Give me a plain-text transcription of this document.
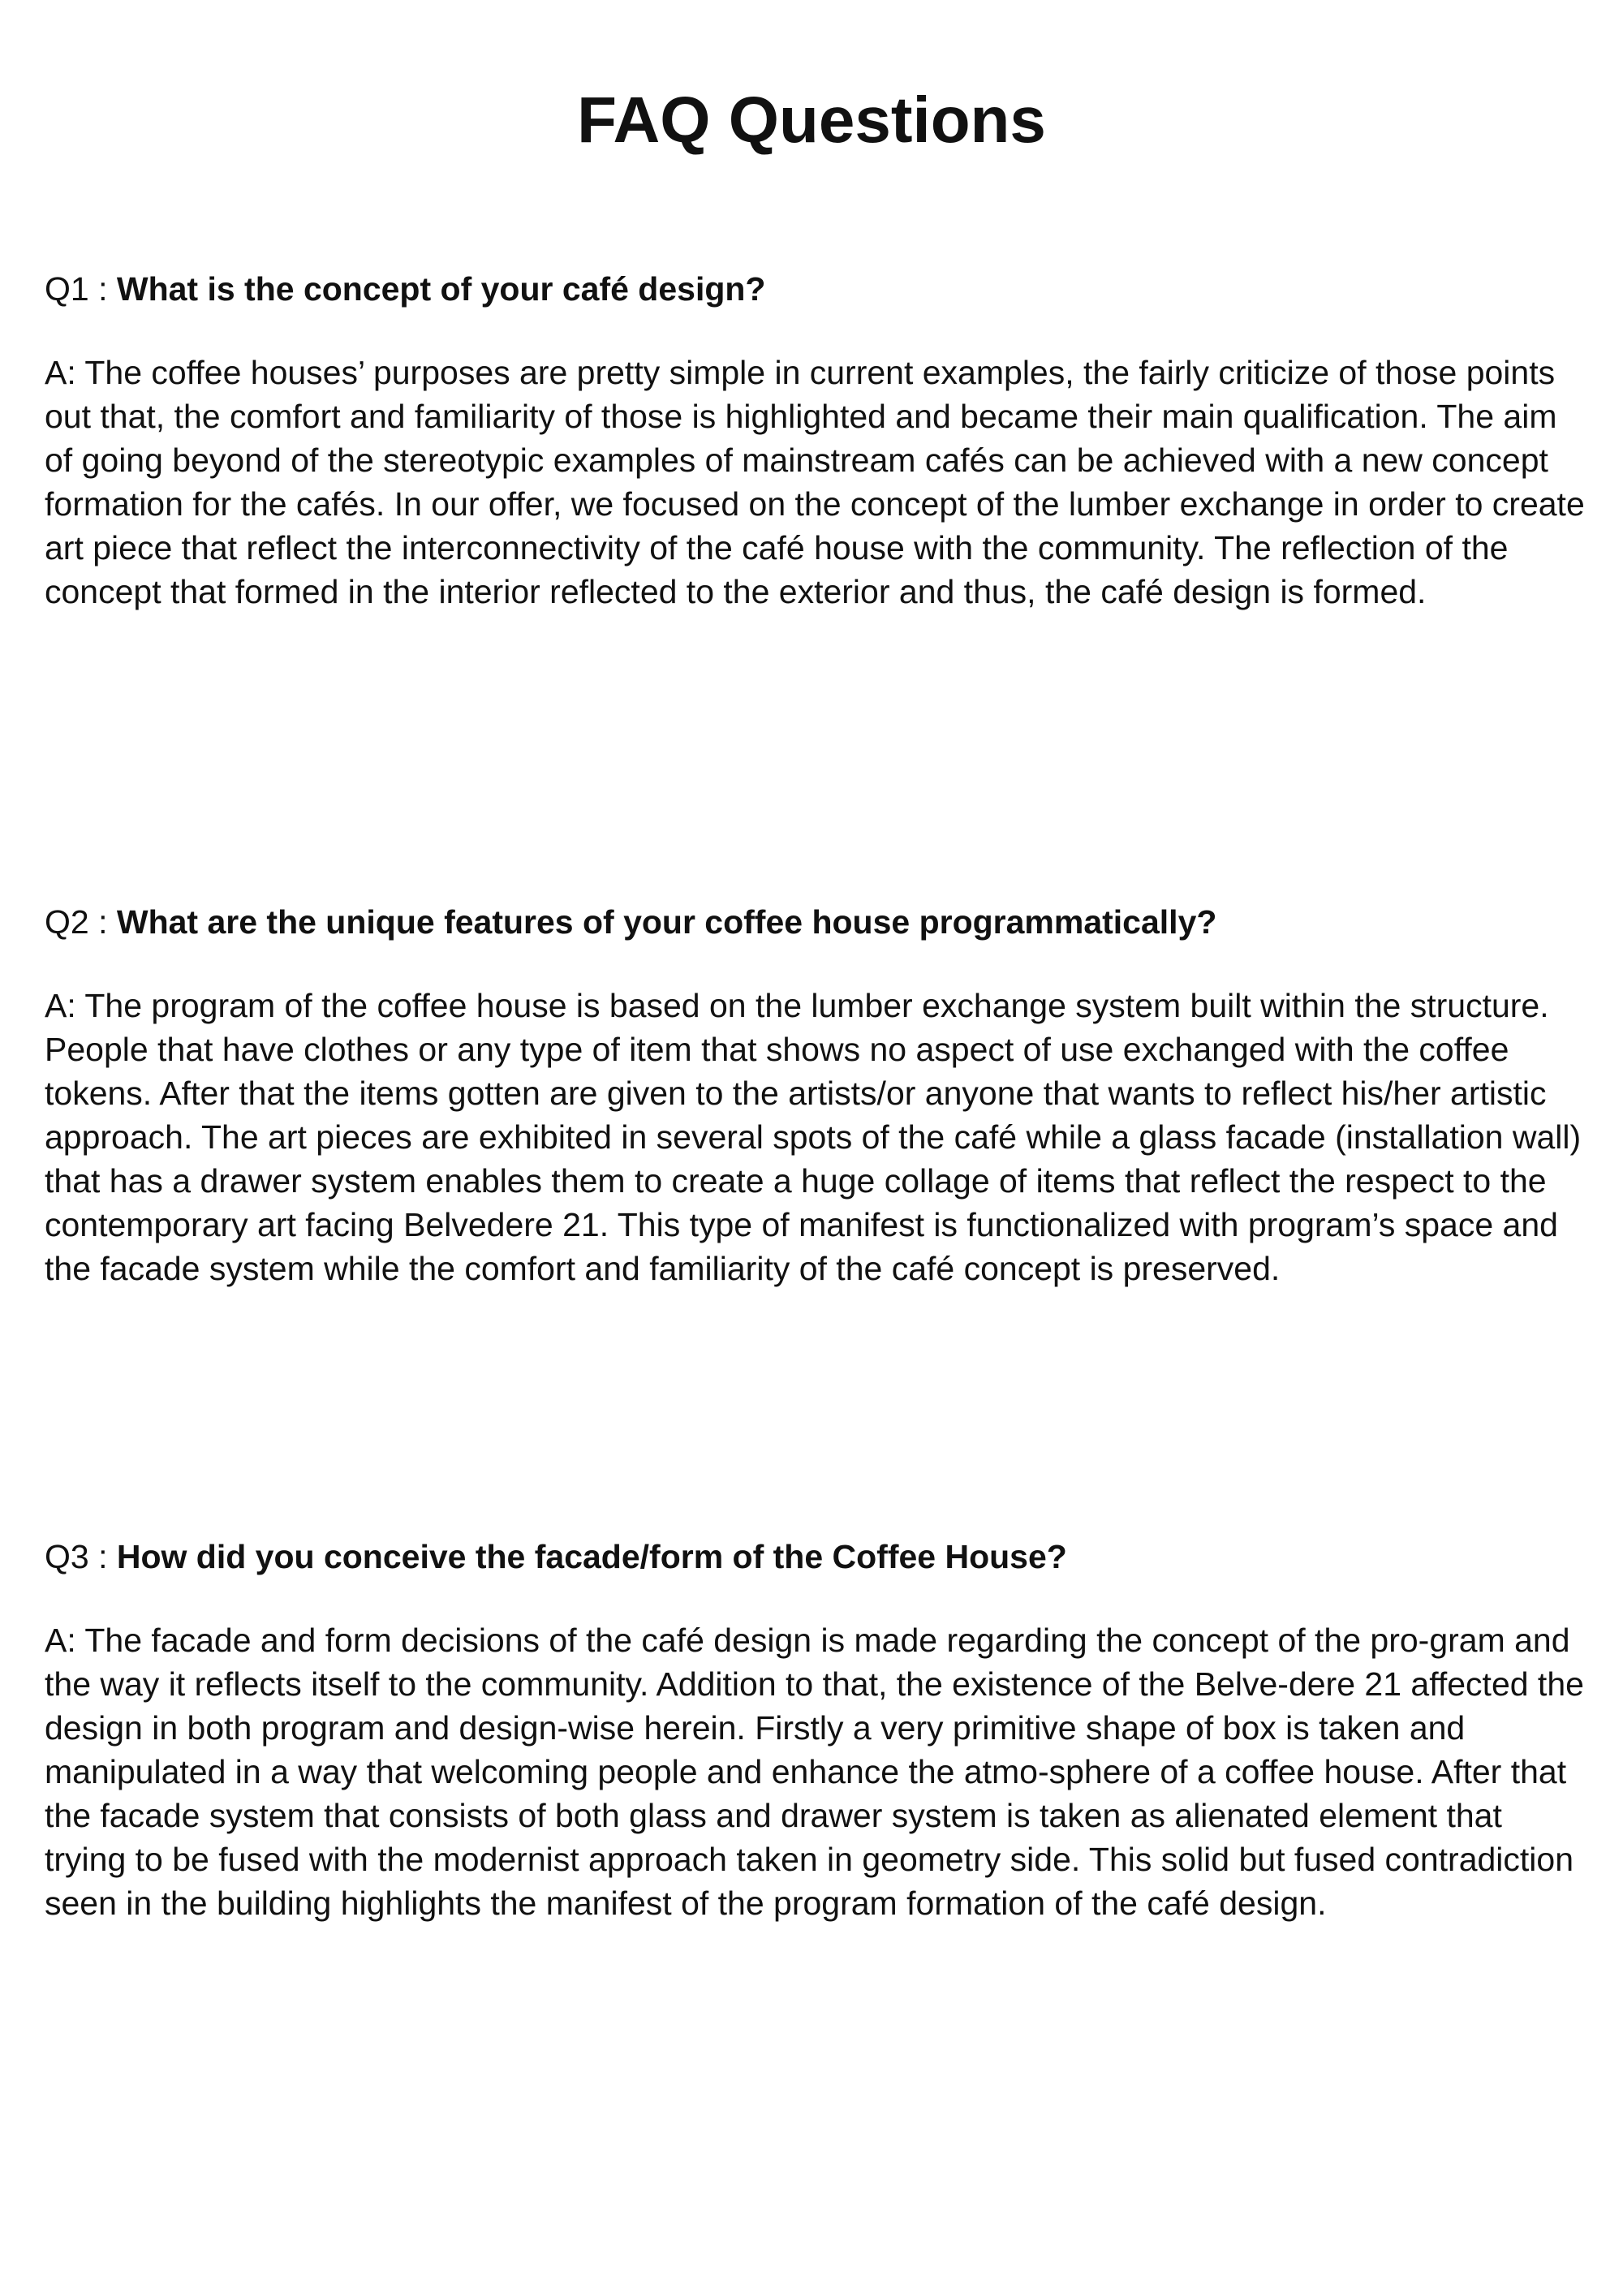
FAQ Questions

Q1 : What is the concept of your café design?

A: The coffee houses’ purposes are pretty simple in current examples, the fairly criticize of those points out that, the comfort and familiarity of those is highlighted and became their main qualification. The aim of going beyond of the stereotypic examples of mainstream cafés can be achieved with a new concept formation for the cafés. In our offer, we focused on the concept of the lumber exchange in order to create art piece that reflect the interconnectivity of the café house with the community. The reflection of the concept that formed in the interior reflected to the exterior and thus, the café design is formed.

Q2 : What are the unique features of your coffee house programmatically?

A: The program of the coffee house is based on the lumber exchange system built within the structure. People that have clothes or any type of item that shows no aspect of use exchanged with the coffee tokens. After that the items gotten are given to the artists/or anyone that wants to reflect his/her artistic approach. The art pieces are exhibited in several spots of the café while a glass facade (installation wall) that has a drawer system enables them to create a huge collage of items that reflect the respect to the contemporary art facing Belvedere 21. This type of manifest is functionalized with program’s space and the facade system while the comfort and familiarity of the café concept is preserved.

Q3 : How did you conceive the facade/form of the Coffee House?

A: The facade and form decisions of the café design is made regarding the concept of the pro-gram and the way it reflects itself to the community. Addition to that, the existence of the Belve-dere 21 affected the design in both program and design-wise herein. Firstly a very primitive shape of box is taken and manipulated in a way that welcoming people and enhance the atmo-sphere of a coffee house. After that the facade system that consists of both glass and drawer system is taken as alienated element that trying to be fused with the modernist approach taken in geometry side. This solid but fused contradiction seen in the building highlights the manifest of the program formation of the café design.
